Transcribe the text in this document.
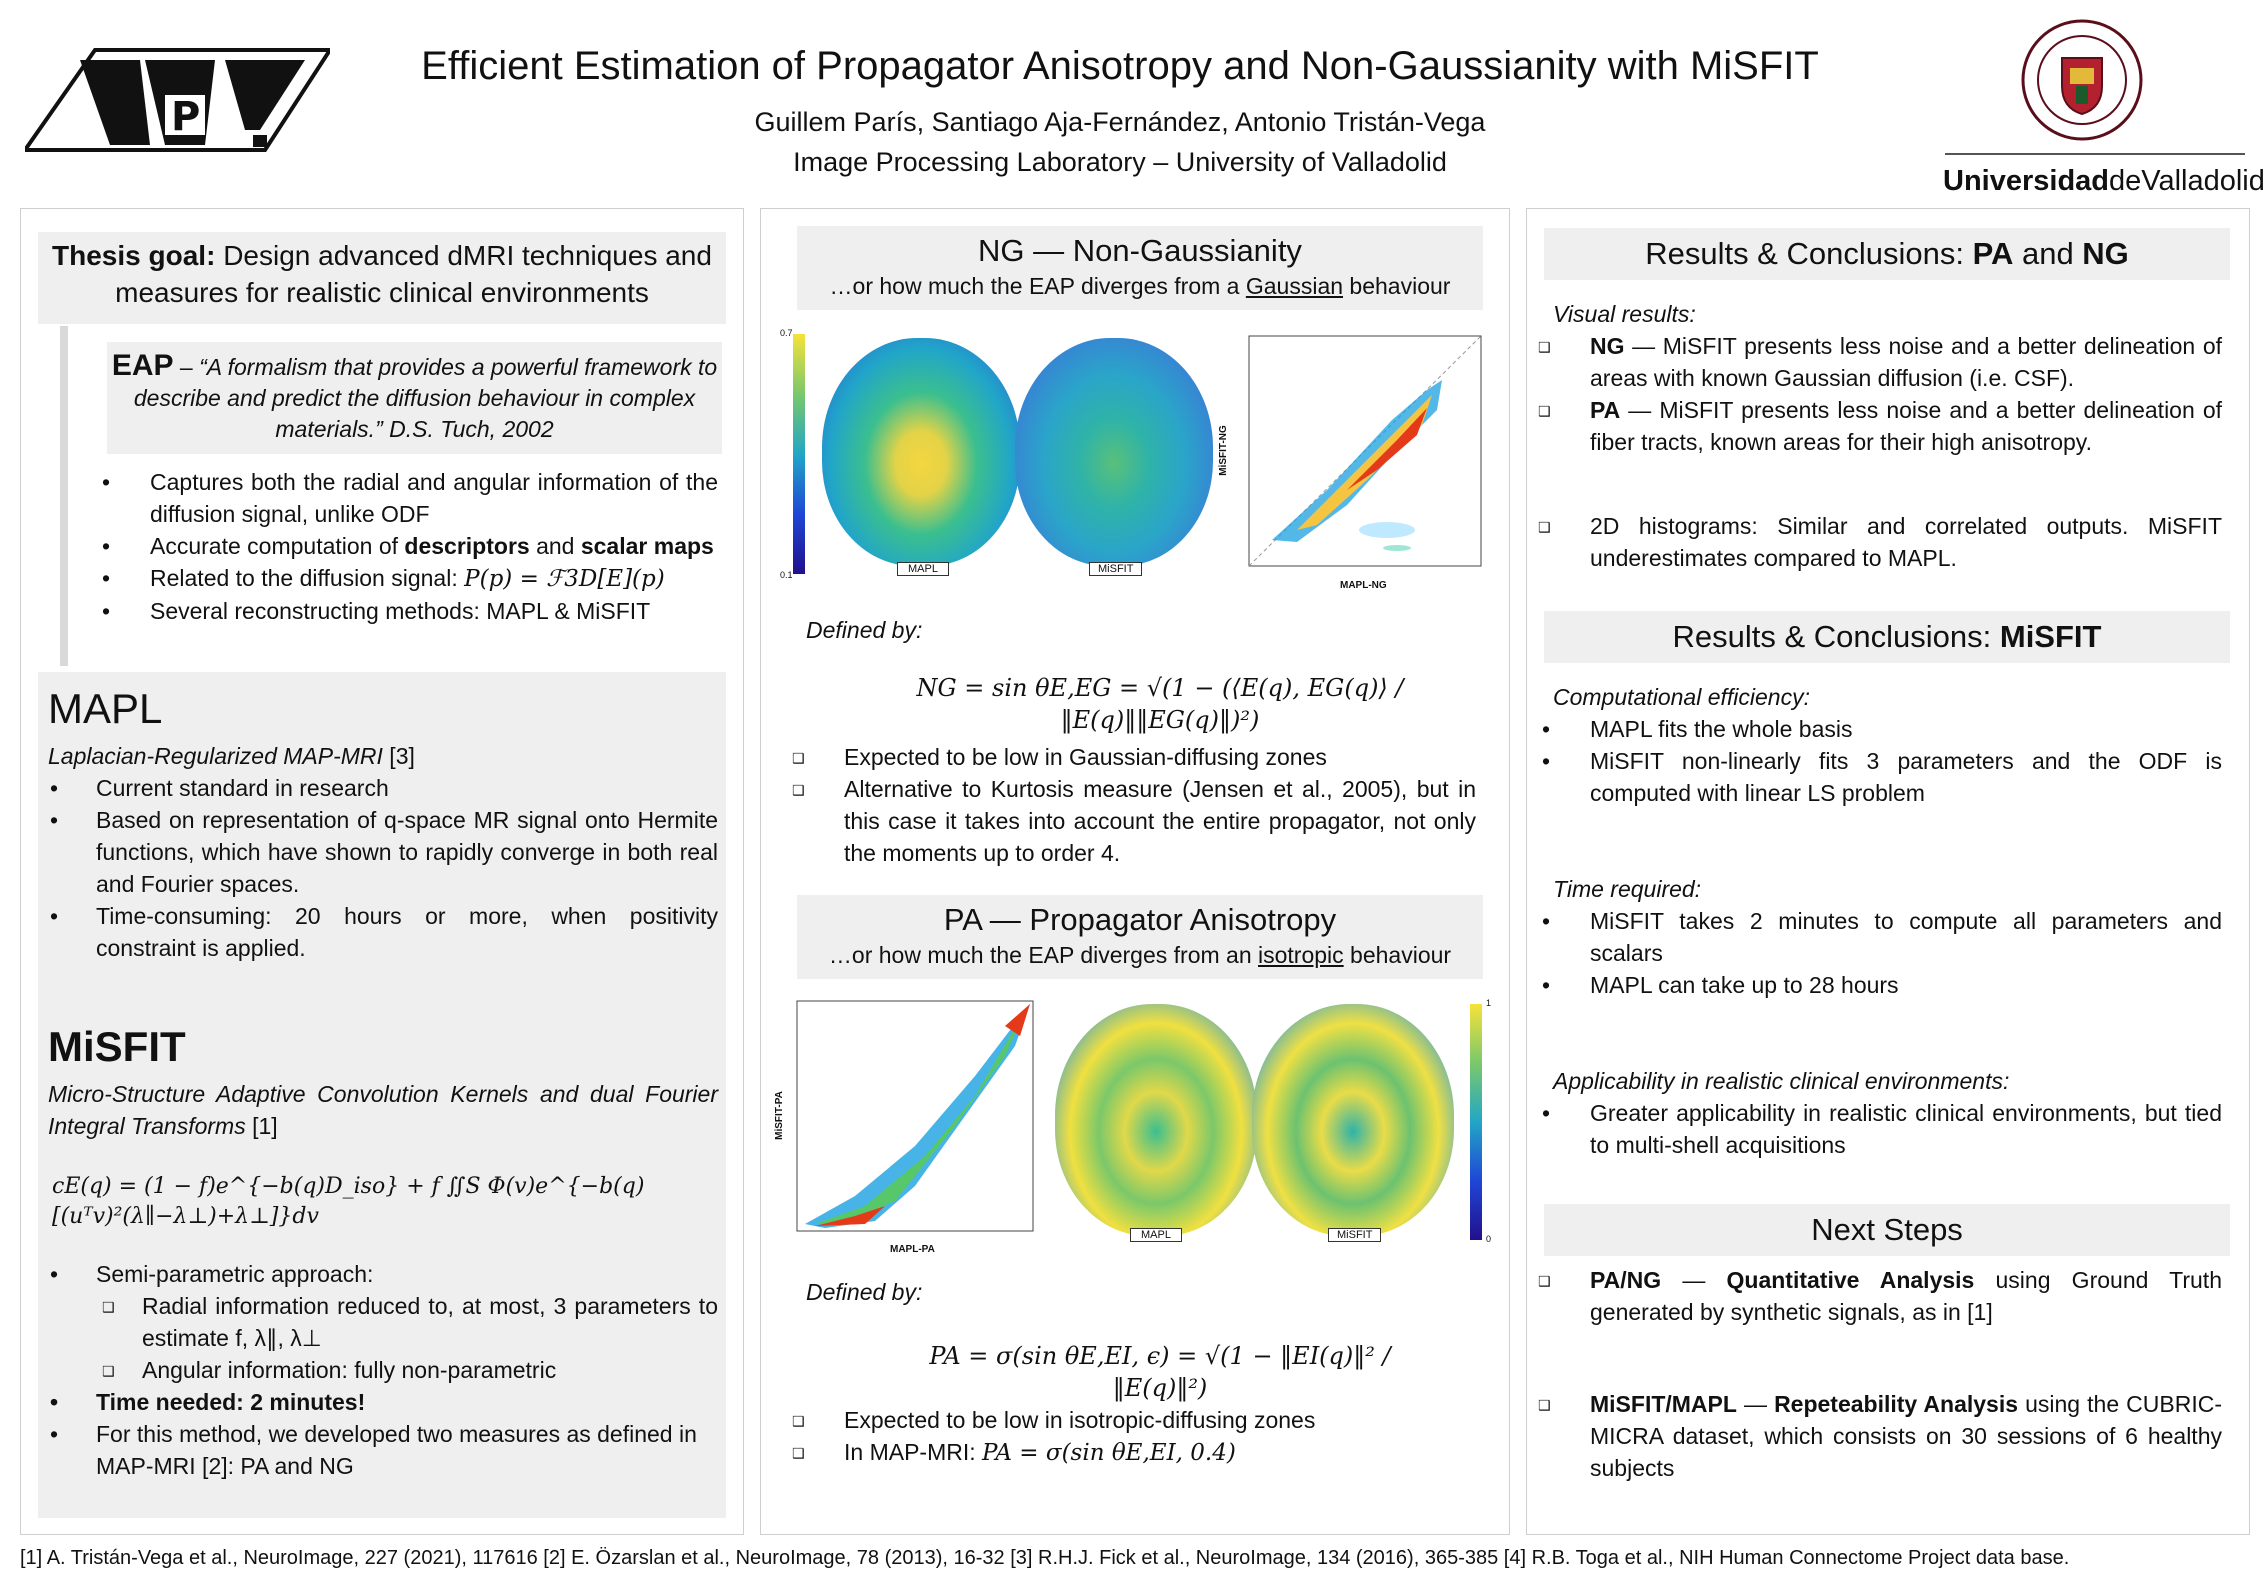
P
Efficient Estimation of Propagator Anisotropy and Non-Gaussianity with MiSFIT
Guillem París, Santiago Aja-Fernández, Antonio Tristán-Vega
Image Processing Laboratory – University of Valladolid
UniversidaddeValladolid
Thesis goal: Design advanced dMRI techniques and measures for realistic clinical environments
EAP – “A formalism that provides a powerful framework to describe and predict the diffusion behaviour in complex materials.” D.S. Tuch, 2002
• Captures both the radial and angular information of the diffusion signal, unlike ODF
• Accurate computation of descriptors and scalar maps
• Related to the diffusion signal: P(p) = ℱ3D[E](p)
• Several reconstructing methods: MAPL & MiSFIT
MAPL
Laplacian-Regularized MAP-MRI [3]
• Current standard in research
• Based on representation of q-space MR signal onto Hermite functions, which have shown to rapidly converge in both real and Fourier spaces.
• Time-consuming: 20 hours or more, when positivity constraint is applied.
MiSFIT
Micro-Structure Adaptive Convolution Kernels and dual Fourier Integral Transforms [1]
cE(q) = (1 − f)e^{−b(q)D_iso} + f ∬S Φ(v)e^{−b(q)[(uᵀv)²(λ∥−λ⊥)+λ⊥]}dv
• Semi-parametric approach:
❑ Radial information reduced to, at most, 3 parameters to estimate f, λ∥, λ⊥
❑ Angular information: fully non-parametric
• Time needed: 2 minutes!
• For this method, we developed two measures as defined in MAP-MRI [2]: PA and NG
NG — Non-Gaussianity
…or how much the EAP diverges from a Gaussian behaviour
0.7
0.1	MAPL	MiSFIT
MAPL-NG
MiSFIT-NG
Defined by:
NG = sin θE,EG = √(1 − (⟨E(q), EG(q)⟩ / ‖E(q)‖‖EG(q)‖)²)
❑ Expected to be low in Gaussian-diffusing zones
❑ Alternative to Kurtosis measure (Jensen et al., 2005), but in this case it takes into account the entire propagator, not only the moments up to order 4.
PA — Propagator Anisotropy
…or how much the EAP diverges from an isotropic behaviour
MAPL-PA
MiSFIT-PA
MAPL	MiSFIT
1
0
Defined by:
PA = σ(sin θE,EI, ϵ) = √(1 − ‖EI(q)‖² / ‖E(q)‖²)
❑ Expected to be low in isotropic-diffusing zones
❑ In MAP-MRI: PA = σ(sin θE,EI, 0.4)
Results & Conclusions: PA and NG
Visual results:
❑ NG — MiSFIT presents less noise and a better delineation of areas with known Gaussian diffusion (i.e. CSF).
❑ PA — MiSFIT presents less noise and a better delineation of fiber tracts, known areas for their high anisotropy.
❑ 2D histograms: Similar and correlated outputs. MiSFIT underestimates compared to MAPL.
Results & Conclusions: MiSFIT
Computational efficiency:
• MAPL fits the whole basis
• MiSFIT non-linearly fits 3 parameters and the ODF is computed with linear LS problem
Time required:
• MiSFIT takes 2 minutes to compute all parameters and scalars
• MAPL can take up to 28 hours
Applicability in realistic clinical environments:
• Greater applicability in realistic clinical environments, but tied to multi-shell acquisitions
Next Steps
❑ PA/NG — Quantitative Analysis using Ground Truth generated by synthetic signals, as in [1]
❑ MiSFIT/MAPL — Repeteability Analysis using the CUBRIC-MICRA dataset, which consists on 30 sessions of 6 healthy subjects
[1] A. Tristán-Vega et al., NeuroImage, 227 (2021), 117616 [2] E. Özarslan et al., NeuroImage, 78 (2013), 16-32 [3] R.H.J. Fick et al., NeuroImage, 134 (2016), 365-385 [4] R.B. Toga et al., NIH Human Connectome Project data base.
